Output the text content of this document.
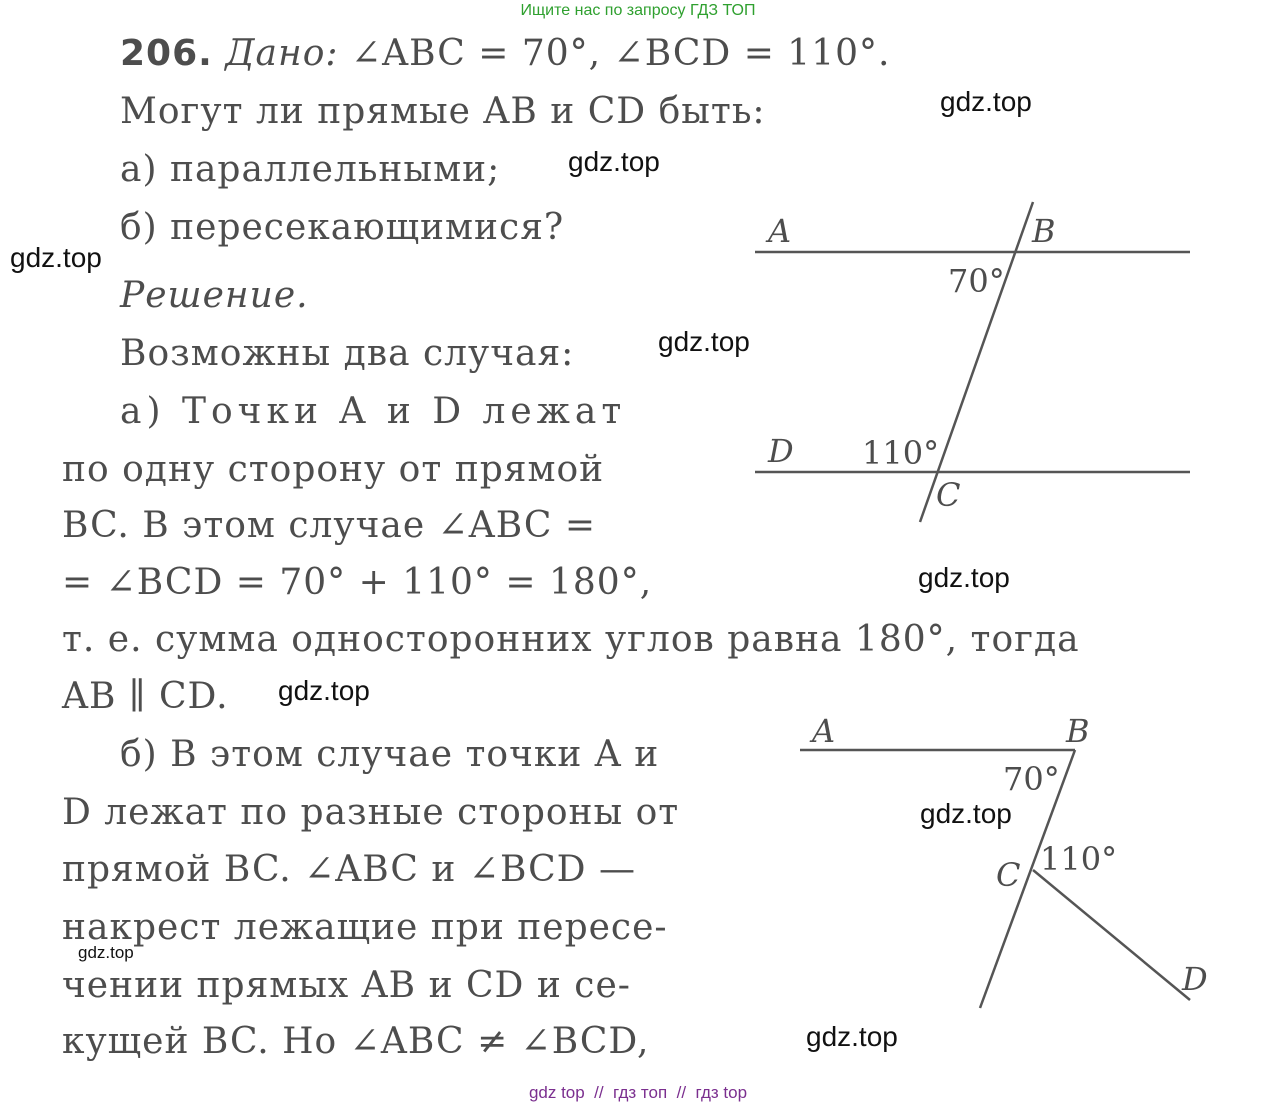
Ищите нас по запросу ГДЗ ТОП
206. Дано: ∠ABC = 70°, ∠BCD = 110°.
Могут ли прямые AB и CD быть:
а) параллельными;
б) пересекающимися?
Решение.
Возможны два случая:
а) Точки A и D лежат
по одну сторону от прямой
BC. В этом случае ∠ABC =
= ∠BCD = 70° + 110° = 180°,
т. е. сумма односторонних углов равна 180°, тогда
AB ∥ CD.
б) В этом случае точки A и
D лежат по разные стороны от
прямой BC. ∠ABC и ∠BCD —
накрест лежащие при пересе-
чении прямых AB и CD и се-
кущей BC. Но ∠ABC ≠ ∠BCD,
A	B
70°
D 110°
C
A	B
70°
C 110°
D
gdz.top
gdz.top
gdz.top
gdz.top
gdz.top
gdz.top
gdz.top
gdz.top
gdz.top
gdz top  //  гдз топ  //  гдз top
